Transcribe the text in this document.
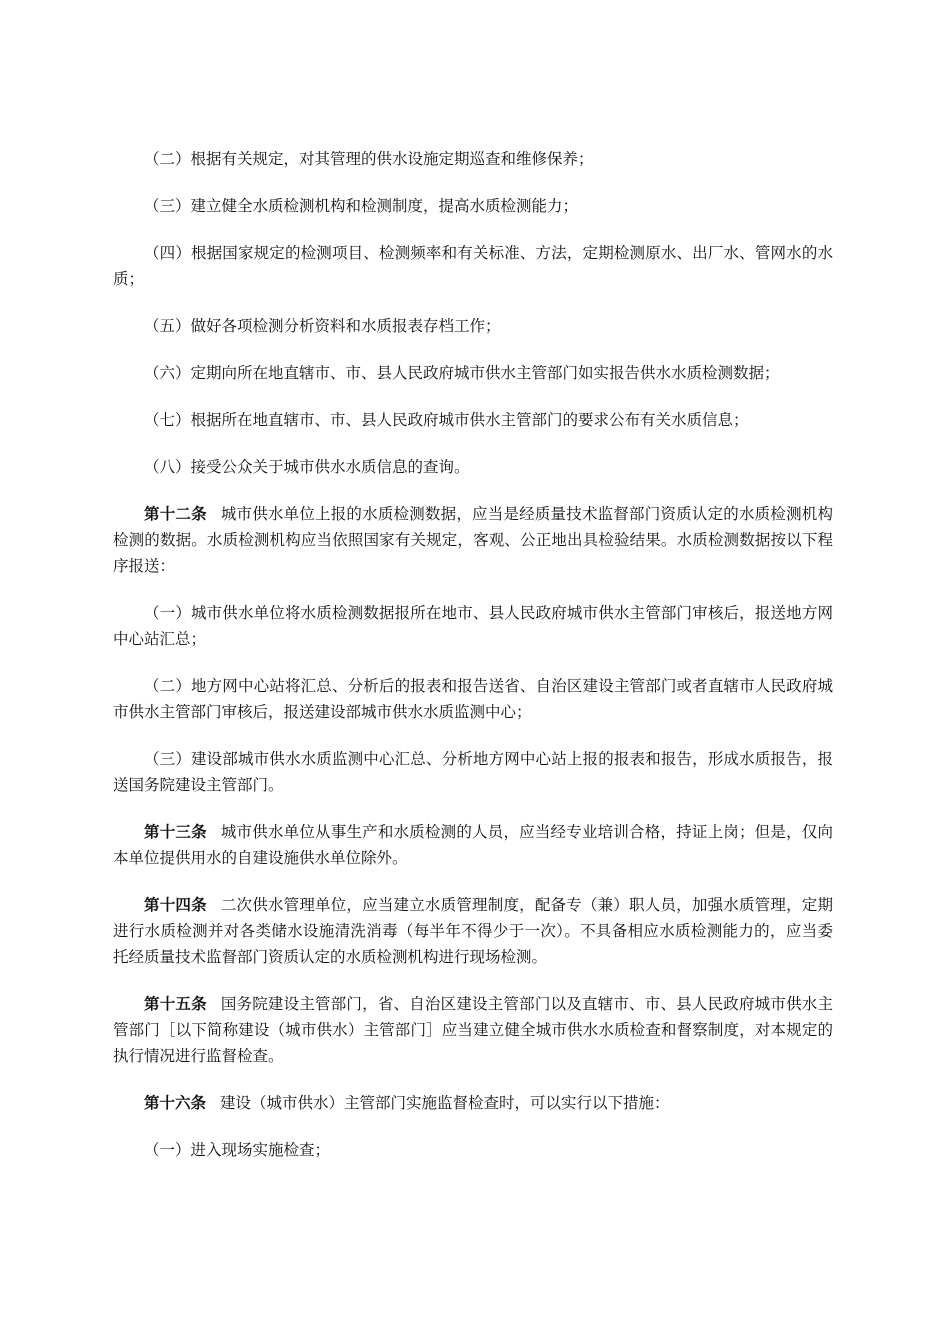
（二）根据有关规定，对其管理的供水设施定期巡查和维修保养；

（三）建立健全水质检测机构和检测制度，提高水质检测能力；

（四）根据国家规定的检测项目、检测频率和有关标准、方法，定期检测原水、出厂水、管网水的水质；

（五）做好各项检测分析资料和水质报表存档工作；

（六）定期向所在地直辖市、市、县人民政府城市供水主管部门如实报告供水水质检测数据；

（七）根据所在地直辖市、市、县人民政府城市供水主管部门的要求公布有关水质信息；

（八）接受公众关于城市供水水质信息的查询。

第十二条 城市供水单位上报的水质检测数据，应当是经质量技术监督部门资质认定的水质检测机构检测的数据。水质检测机构应当依照国家有关规定，客观、公正地出具检验结果。水质检测数据按以下程序报送：

（一）城市供水单位将水质检测数据报所在地市、县人民政府城市供水主管部门审核后，报送地方网中心站汇总；

（二）地方网中心站将汇总、分析后的报表和报告送省、自治区建设主管部门或者直辖市人民政府城市供水主管部门审核后，报送建设部城市供水水质监测中心；

（三）建设部城市供水水质监测中心汇总、分析地方网中心站上报的报表和报告，形成水质报告，报送国务院建设主管部门。

第十三条 城市供水单位从事生产和水质检测的人员，应当经专业培训合格，持证上岗；但是，仅向本单位提供用水的自建设施供水单位除外。

第十四条 二次供水管理单位，应当建立水质管理制度，配备专（兼）职人员，加强水质管理，定期进行水质检测并对各类储水设施清洗消毒（每半年不得少于一次）。不具备相应水质检测能力的，应当委托经质量技术监督部门资质认定的水质检测机构进行现场检测。

第十五条 国务院建设主管部门，省、自治区建设主管部门以及直辖市、市、县人民政府城市供水主管部门［以下简称建设（城市供水）主管部门］应当建立健全城市供水水质检查和督察制度，对本规定的执行情况进行监督检查。

第十六条 建设（城市供水）主管部门实施监督检查时，可以实行以下措施：

（一）进入现场实施检查；
